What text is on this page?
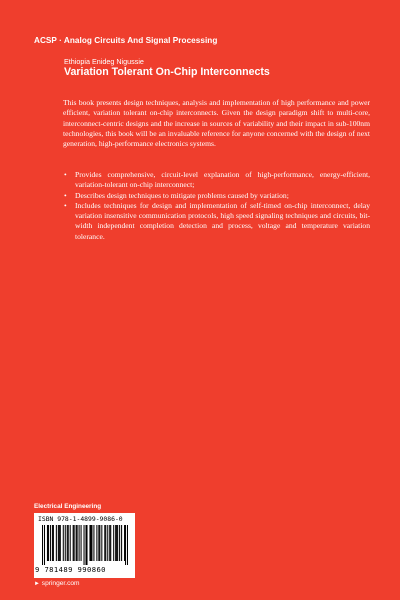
ACSP · Analog Circuits And Signal Processing
Ethiopia Enideg Nigussie
Variation Tolerant On-Chip Interconnects

This book presents design techniques, analysis and implementation of high performance and power efficient, variation tolerant on-chip interconnects. Given the design paradigm shift to multi-core, interconnect-centric designs and the increase in sources of variability and their impact in sub-100nm technologies, this book will be an invaluable reference for anyone concerned with the design of next generation, high-performance electronics systems.

• Provides comprehensive, circuit-level explanation of high-performance, energy-efficient, variation-tolerant on-chip interconnect;
• Describes design techniques to mitigate problems caused by variation;
• Includes techniques for design and implementation of self-timed on-chip interconnect, delay variation insensitive communication protocols, high speed signaling techniques and circuits, bit-width independent completion detection and process, voltage and temperature variation tolerance.
Electrical Engineering
ISBN 978-1-4899-9086-0
9 781489 990860
► springer.com
